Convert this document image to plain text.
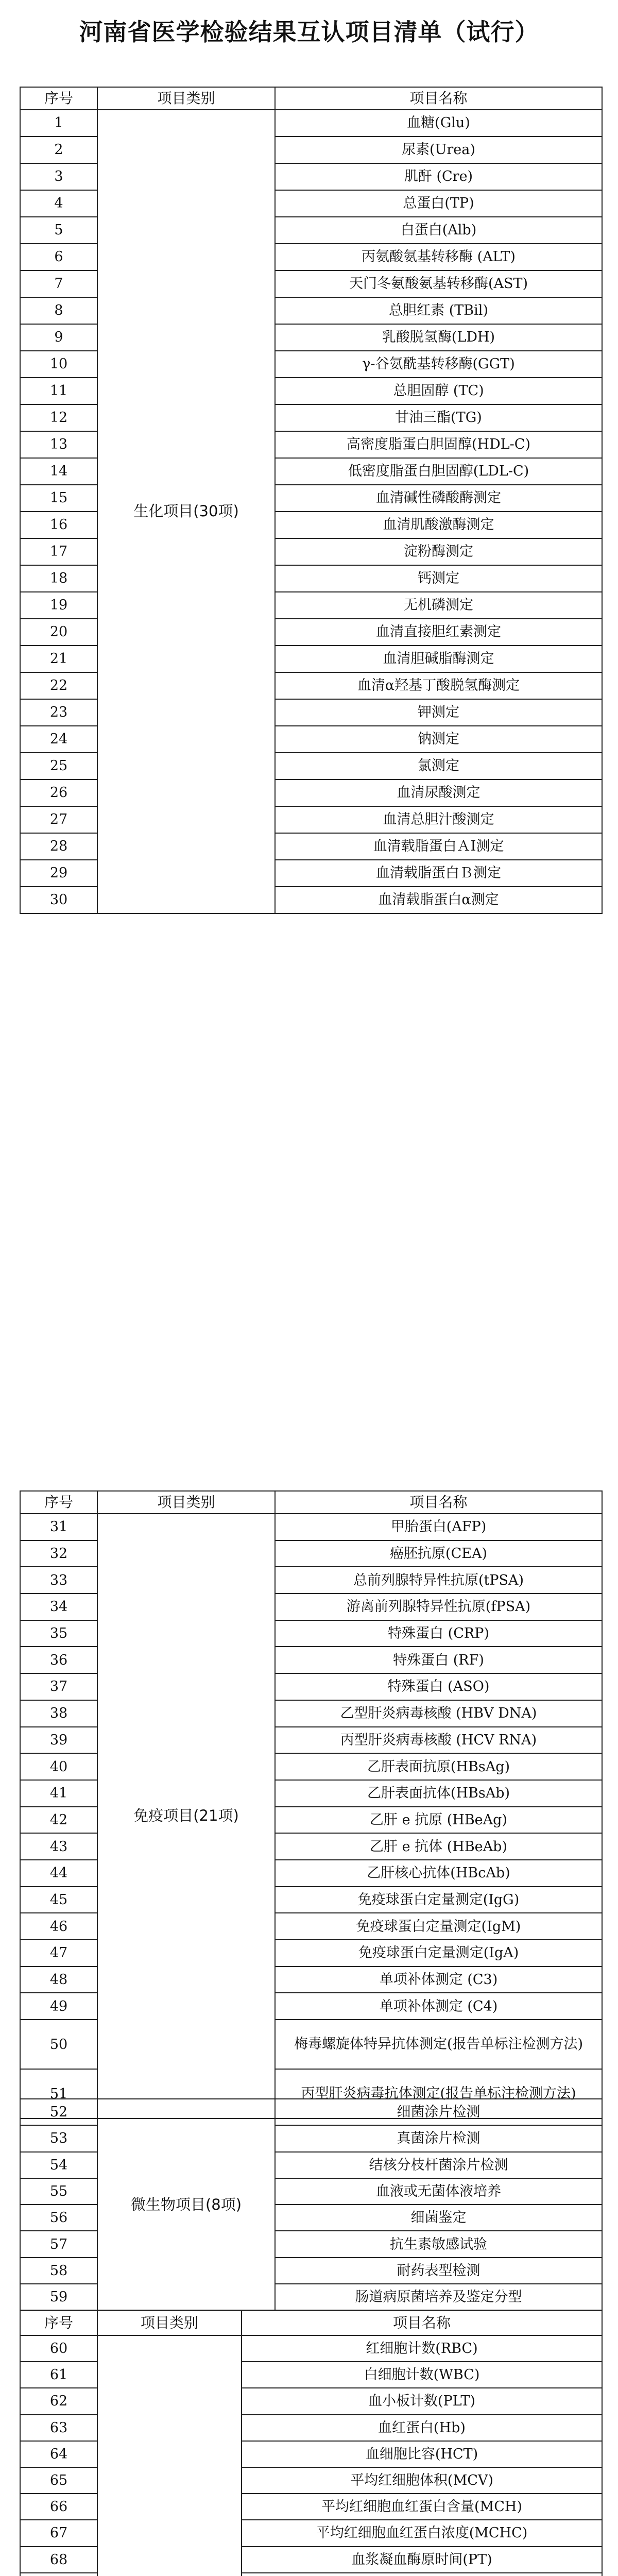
河南省医学检验结果互认项目清单（试行）
序号	项目类别	项目名称
1	生化项目(30项)	血糖(Glu)
2		尿素(Urea)
3		肌酐 (Cre)
4		总蛋白(TP)
5		白蛋白(Alb)
6		丙氨酸氨基转移酶 (ALT)
7		天门冬氨酸氨基转移酶(AST)
8		总胆红素 (TBil)
9		乳酸脱氢酶(LDH)
10		γ-谷氨酰基转移酶(GGT)
11		总胆固醇 (TC)
12		甘油三酯(TG)
13		高密度脂蛋白胆固醇(HDL-C)
14		低密度脂蛋白胆固醇(LDL-C)
15		血清碱性磷酸酶测定
16		血清肌酸激酶测定
17		淀粉酶测定
18		钙测定
19		无机磷测定
20		血清直接胆红素测定
21		血清胆碱脂酶测定
22		血清α羟基丁酸脱氢酶测定
23		钾测定
24		钠测定
25		氯测定
26		血清尿酸测定
27		血清总胆汁酸测定
28		血清载脂蛋白ＡI测定
29		血清载脂蛋白Ｂ测定
30		血清载脂蛋白α测定
序号	项目类别	项目名称
31	免疫项目(21项)	甲胎蛋白(AFP)
32		癌胚抗原(CEA)
33		总前列腺特异性抗原(tPSA)
34		游离前列腺特异性抗原(fPSA)
35		特殊蛋白 (CRP)
36		特殊蛋白 (RF)
37		特殊蛋白 (ASO)
38		乙型肝炎病毒核酸 (HBV DNA)
39		丙型肝炎病毒核酸 (HCV RNA)
40		乙肝表面抗原(HBsAg)
41		乙肝表面抗体(HBsAb)
42		乙肝 e 抗原 (HBeAg)
43		乙肝 e 抗体 (HBeAb)
44		乙肝核心抗体(HBcAb)
45		免疫球蛋白定量测定(IgG)
46		免疫球蛋白定量测定(IgM)
47		免疫球蛋白定量测定(IgA)
48		单项补体测定 (C3)
49		单项补体测定 (C4)
50		梅毒螺旋体特异抗体测定(报告单标注检测方法)
51		丙型肝炎病毒抗体测定(报告单标注检测方法)
52	微生物项目(8项)	细菌涂片检测
53		真菌涂片检测
54		结核分枝杆菌涂片检测
55		血液或无菌体液培养
56		细菌鉴定
57		抗生素敏感试验
58		耐药表型检测
59		肠道病原菌培养及鉴定分型
序号	项目类别	项目名称
60		红细胞计数(RBC)
61		白细胞计数(WBC)
62		血小板计数(PLT)
63		血红蛋白(Hb)
64		血细胞比容(HCT)
65		平均红细胞体积(MCV)
66		平均红细胞血红蛋白含量(MCH)
67		平均红细胞血红蛋白浓度(MCHC)
68		血浆凝血酶原时间(PT)
